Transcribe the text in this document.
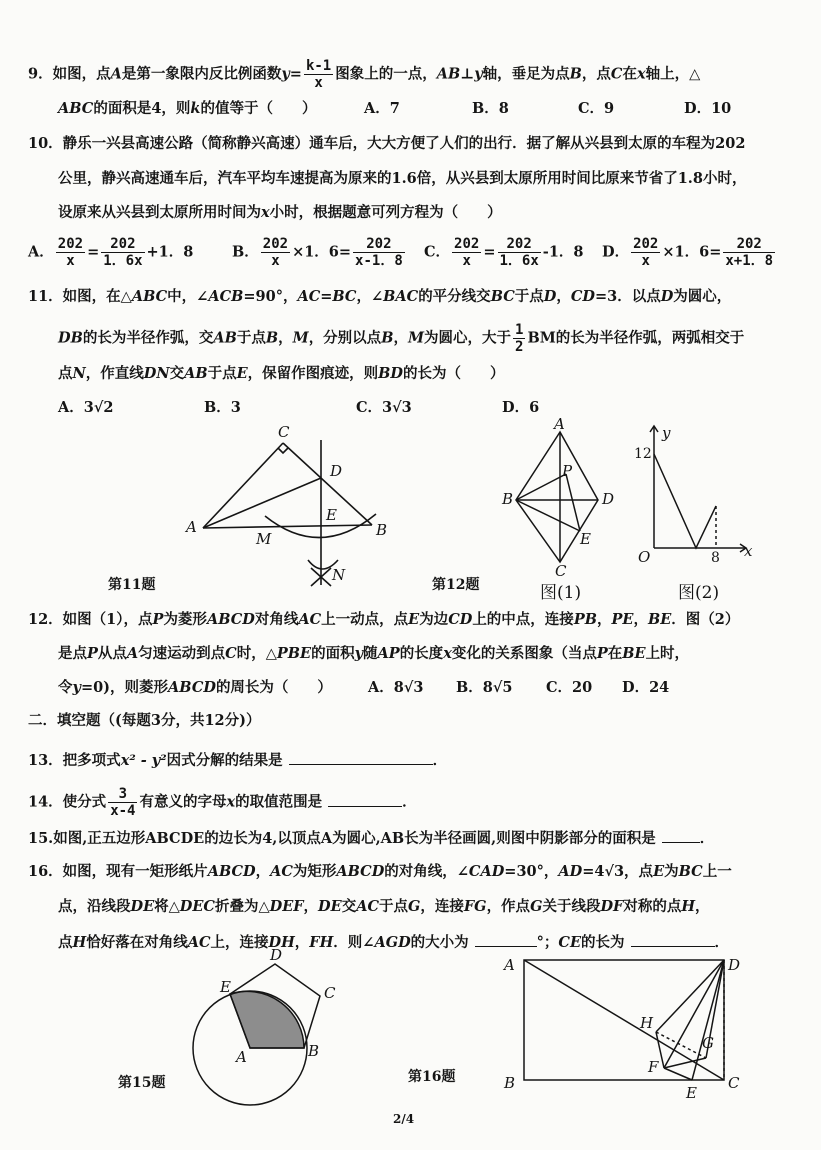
9．如图，点A是第一象限内反比例函数$y= \frac{k-1}{x}$ 图象上的一点，AB⊥y轴，垂足为点B，点C在x轴上，△
ABC的面积是4，则k的值等于（　　）	A．7	B．8	C．9	D．10
10．静乐一兴县高速公路（简称静兴高速）通车后，大大方便了人们的出行．据了解从兴县到太原的车程为202
公里，静兴高速通车后，汽车平均车速提高为原来的1.6倍，从兴县到太原所用时间比原来节省了1.8小时，
设原来从兴县到太原所用时间为x小时，根据题意可列方程为（　　）
A． $\frac{202}{x} = \frac{202}{1.6x} +1$．8	B． $\frac{202}{x} \times 1$．$6= \frac{202}{x-1.8}$ C． $\frac{202}{x} = \frac{202}{1.6x} -1$．8 D． $\frac{202}{x} \times 1$．$6= \frac{202}{x+1.8}$
11．如图，在△ABC中，∠ACB=90°，AC=BC，∠BAC的平分线交BC于点D，CD=3．以点D为圆心，
DB的长为半径作弧，交AB于点B，M，分别以点B，M为圆心，大于 $\frac{1}{2}$ BM的长为半径作弧，两弧相交于
点N，作直线DN交AB于点E，保留作图痕迹，则BD的长为（　　）
A．3√2	B．3	C．3√3	D．6
C
D
A
E
B
M
N
第11题
A
P
B	D
E
C
第12题	图(1)
y
x
O
12
8
图(2)
12．如图（1），点P为菱形ABCD对角线AC上一动点，点E为边CD上的中点，连接PB，PE，BE．图（2）
是点P从点A匀速运动到点C时，△PBE的面积y随AP的长度x变化的关系图象（当点P在BE上时，
令y=0)，则菱形ABCD的周长为（　　） A．8√3 B．8√5 C．20 D．24
二．填空题（(每题3分，共12分)）
13．把多项式x² - y²因式分解的结果是	．
14．使分式 $\frac{3}{x-4}$ 有意义的字母x的取值范围是	．
15.如图,正五边形ABCDE的边长为4,以顶点A为圆心,AB长为半径画圆,则图中阴影部分的面积是	．
16．如图，现有一矩形纸片ABCD，AC为矩形ABCD的对角线，∠CAD=30°，AD=4√3，点E为BC上一
点，沿线段DE将△DEC折叠为△DEF，DE交AC于点G，连接FG，作点G关于线段DF对称的点H，
点H恰好落在对角线AC上，连接DH，FH．则∠AGD的大小为	°；CE的长为	．
D
E	C
A	B
第15题
A	D
H
G
F
B
E
C
第16题
2/4
